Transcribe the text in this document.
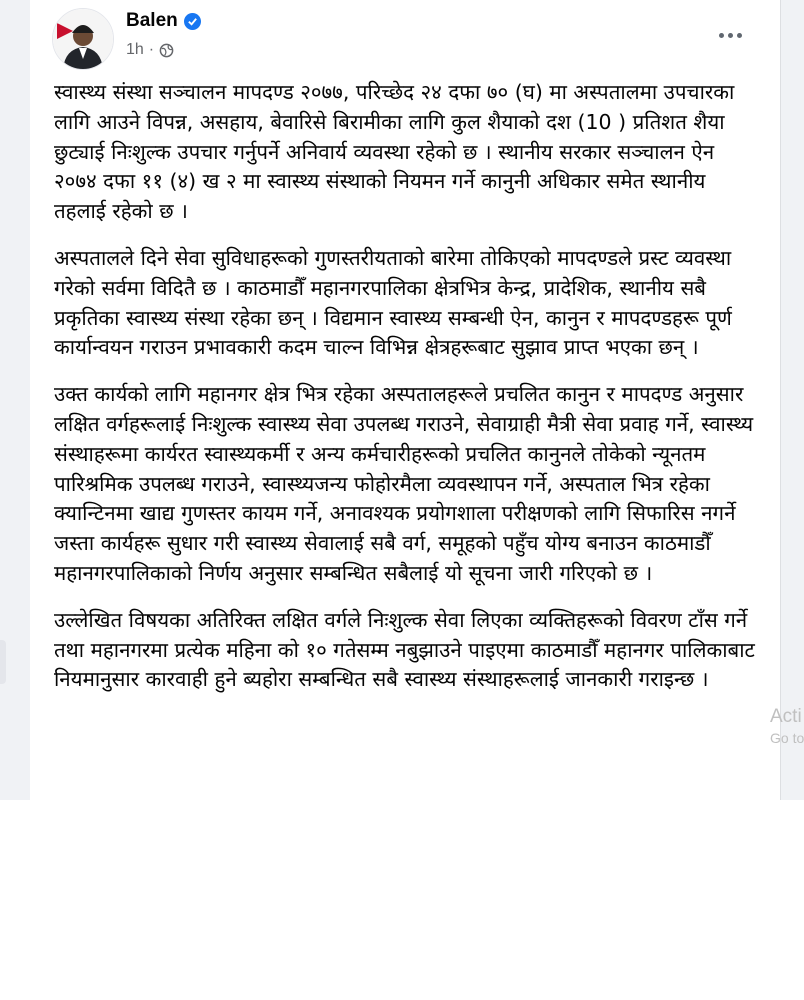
Balen
1h ·

स्वास्थ्य संस्था सञ्चालन मापदण्ड २०७७, परिच्छेद २४ दफा ७० (घ) मा अस्पतालमा उपचारका लागि आउने विपन्न, असहाय, बेवारिसे बिरामीका लागि कुल शैयाको दश (10 ) प्रतिशत शैया छुट्याई निःशुल्क उपचार गर्नुपर्ने अनिवार्य व्यवस्था रहेको छ । स्थानीय सरकार सञ्चालन ऐन २०७४ दफा ११ (४) ख २ मा स्वास्थ्य संस्थाको नियमन गर्ने कानुनी अधिकार समेत स्थानीय तहलाई रहेको छ ।

अस्पतालले दिने सेवा सुविधाहरूको गुणस्तरीयताको बारेमा तोकिएको मापदण्डले प्रस्ट व्यवस्था गरेको सर्वमा विदितै छ । काठमाडौँ महानगरपालिका क्षेत्रभित्र केन्द्र, प्रादेशिक, स्थानीय सबै प्रकृतिका स्वास्थ्य संस्था रहेका छन् । विद्यमान स्वास्थ्य सम्बन्धी ऐन, कानुन र मापदण्डहरू पूर्ण कार्यान्वयन गराउन प्रभावकारी कदम चाल्न विभिन्न क्षेत्रहरूबाट सुझाव प्राप्त भएका छन् ।

उक्त कार्यको लागि महानगर क्षेत्र भित्र रहेका अस्पतालहरूले प्रचलित कानुन र मापदण्ड अनुसार लक्षित वर्गहरूलाई निःशुल्क स्वास्थ्य सेवा उपलब्ध गराउने, सेवाग्राही मैत्री सेवा प्रवाह गर्ने, स्वास्थ्य संस्थाहरूमा कार्यरत स्वास्थ्यकर्मी र अन्य कर्मचारीहरूको प्रचलित कानुनले तोकेको न्यूनतम पारिश्रमिक उपलब्ध गराउने, स्वास्थ्यजन्य फोहोरमैला व्यवस्थापन गर्ने, अस्पताल भित्र रहेका क्यान्टिनमा खाद्य गुणस्तर कायम गर्ने, अनावश्यक प्रयोगशाला परीक्षणको लागि सिफारिस नगर्ने जस्ता कार्यहरू सुधार गरी स्वास्थ्य सेवालाई सबै वर्ग, समूहको पहुँच योग्य बनाउन काठमाडौँ महानगरपालिकाको निर्णय अनुसार सम्बन्धित सबैलाई यो सूचना जारी गरिएको छ ।

उल्लेखित विषयका अतिरिक्त लक्षित वर्गले निःशुल्क सेवा लिएका व्यक्तिहरूको विवरण टाँस गर्ने तथा महानगरमा प्रत्येक महिना को १० गतेसम्म नबुझाउने पाइएमा काठमाडौँ महानगर पालिकाबाट नियमानुसार कारवाही हुने ब्यहोरा सम्बन्धित सबै स्वास्थ्य संस्थाहरूलाई जानकारी गराइन्छ ।

Acti
Go to
